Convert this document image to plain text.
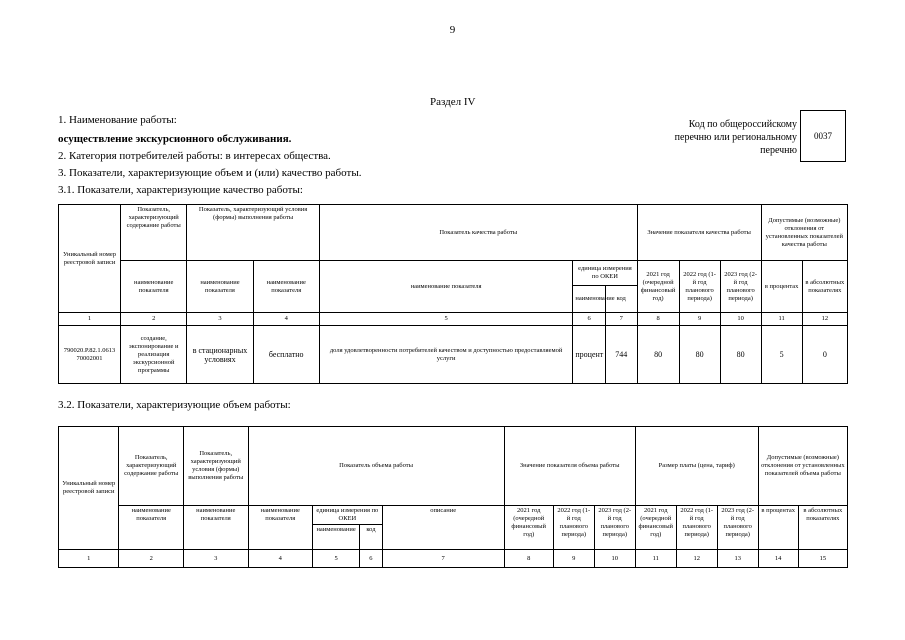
9
Раздел IV
1. Наименование работы:
осуществление экскурсионного обслуживания.
2. Категория потребителей работы: в интересах общества.
3. Показатели, характеризующие объем и (или) качество работы.
3.1. Показатели, характеризующие качество работы:
Код по общероссийскому перечню или региональному перечню
0037
Уникальный номер реестровой записи	Показатель, характеризующий содержание работы	Показатель, характеризующий условия (формы) выполнения работы		Показатель качества работы			Значение показателя качества работы			Допустимые (возможные) отклонения от установленных показателей качества работы	
	наименование показателя	наименование показателя	наименование показателя	наименование показателя	единица измерения по ОКЕИ		2021 год (очередной финансовый год)	2022 год (1-й год планового периода)	2023 год (2-й год планового периода)	в процентах	в абсолютных показателях
					наименование	код					
1	2	3	4	5	6	7	8	9	10	11	12
790020.Р.82.1.0613 70002001	создание, экспонирование и реализация экскурсионной программы	в стационарных условиях	бесплатно	доля удовлетворенности потребителей качеством и доступностью предоставляемой услуги	процент	744	80	80	80	5	0
3.2. Показатели, характеризующие объем работы:
Уникальный номер реестровой записи	Показатель, характеризующий содержание работы	Показатель, характеризующий условия (формы) выполнения работы	Показатель объема работы				Значение показателя объема работы			Размер платы (цена, тариф)			Допустимые (возможные) отклонения от установленных показателей объема работы	
	наименование показателя	наименование показателя	наименование показателя	единица измерения по ОКЕИ		описание	2021 год (очередной финансовый год)	2022 год (1-й год планового периода)	2023 год (2-й год планового периода)	2021 год (очередной финансовый год)	2022 год (1-й год планового периода)	2023 год (2-й год планового периода)	в процентах	в абсолютных показателях
				наименование	код									
1	2	3	4	5	6	7	8	9	10	11	12	13	14	15
